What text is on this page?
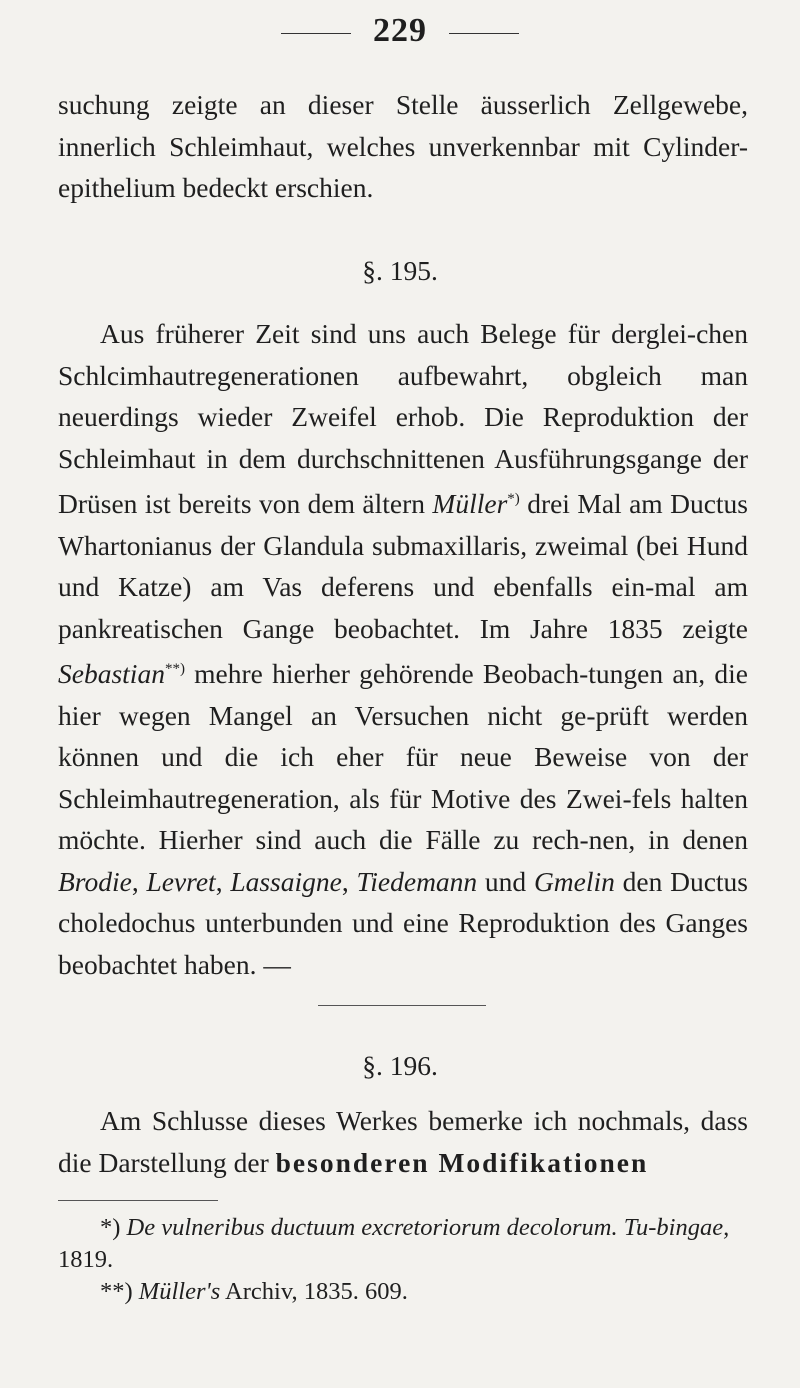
229

suchung zeigte an dieser Stelle äusserlich Zellgewebe, innerlich Schleimhaut, welches unverkennbar mit Cylinder-epithelium bedeckt erschien.

§. 195.

Aus früherer Zeit sind uns auch Belege für derglei-chen Schlcimhautregenerationen aufbewahrt, obgleich man neuerdings wieder Zweifel erhob. Die Reproduktion der Schleimhaut in dem durchschnittenen Ausführungsgange der Drüsen ist bereits von dem ältern Müller*) drei Mal am Ductus Whartonianus der Glandula submaxillaris, zweimal (bei Hund und Katze) am Vas deferens und ebenfalls ein-mal am pankreatischen Gange beobachtet. Im Jahre 1835 zeigte Sebastian**) mehre hierher gehörende Beobach-tungen an, die hier wegen Mangel an Versuchen nicht ge-prüft werden können und die ich eher für neue Beweise von der Schleimhautregeneration, als für Motive des Zwei-fels halten möchte. Hierher sind auch die Fälle zu rech-nen, in denen Brodie, Levret, Lassaigne, Tiedemann und Gmelin den Ductus choledochus unterbunden und eine Reproduktion des Ganges beobachtet haben. —

§. 196.

Am Schlusse dieses Werkes bemerke ich nochmals, dass die Darstellung der besonderen Modifikationen

*) De vulneribus ductuum excretoriorum decolorum. Tu-bingae, 1819.

**) Müller's Archiv, 1835. 609.
